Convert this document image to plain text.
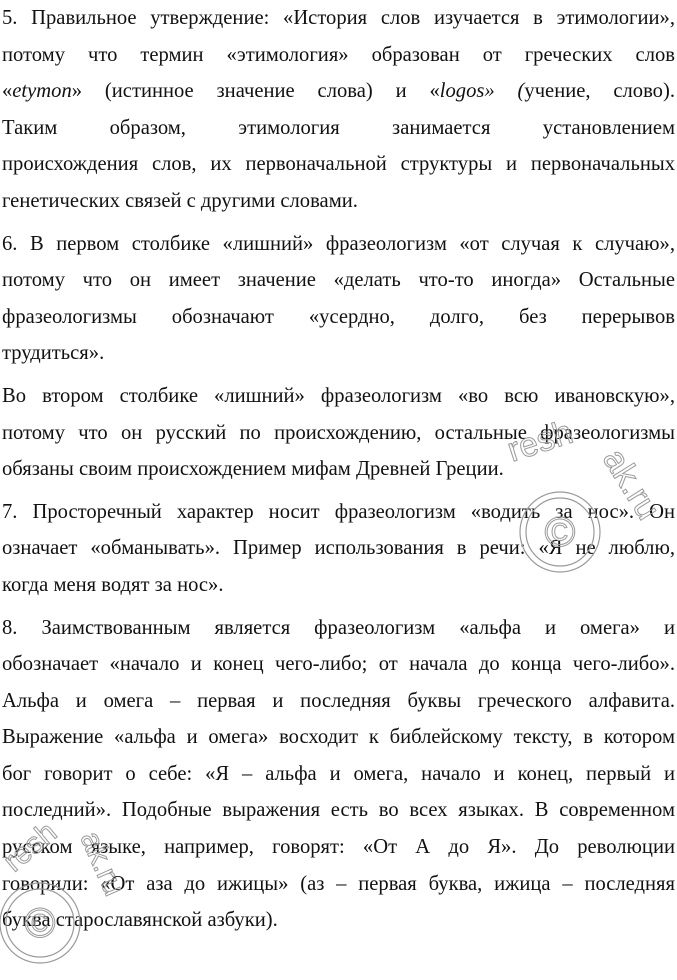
5. Правильное утверждение: «История слов изучается в этимологии»,
потому что термин «этимология» образован от греческих слов
«etymon» (истинное значение слова) и «logos» (учение, слово).
Таким образом, этимология занимается установлением
происхождения слов, их первоначальной структуры и первоначальных
генетических связей с другими словами.
6. В первом столбике «лишний» фразеологизм «от случая к случаю»,
потому что он имеет значение «делать что-то иногда» Остальные
фразеологизмы обозначают «усердно, долго, без перерывов
трудиться».
Во втором столбике «лишний» фразеологизм «во всю ивановскую»,
потому что он русский по происхождению, остальные фразеологизмы
обязаны своим происхождением мифам Древней Греции.
7. Просторечный характер носит фразеологизм «водить за нос». Он
означает «обманывать». Пример использования в речи: «Я не люблю,
когда меня водят за нос».
8. Заимствованным является фразеологизм «альфа и омега» и
обозначает «начало и конец чего-либо; от начала до конца чего-либо».
Альфа и омега – первая и последняя буквы греческого алфавита.
Выражение «альфа и омега» восходит к библейскому тексту, в котором
бог говорит о себе: «Я – альфа и омега, начало и конец, первый и
последний». Подобные выражения есть во всех языках. В современном
русском языке, например, говорят: «От А до Я». До революции
говорили: «От аза до ижицы» (аз – первая буква, ижица – последняя
буква старославянской азбуки).
